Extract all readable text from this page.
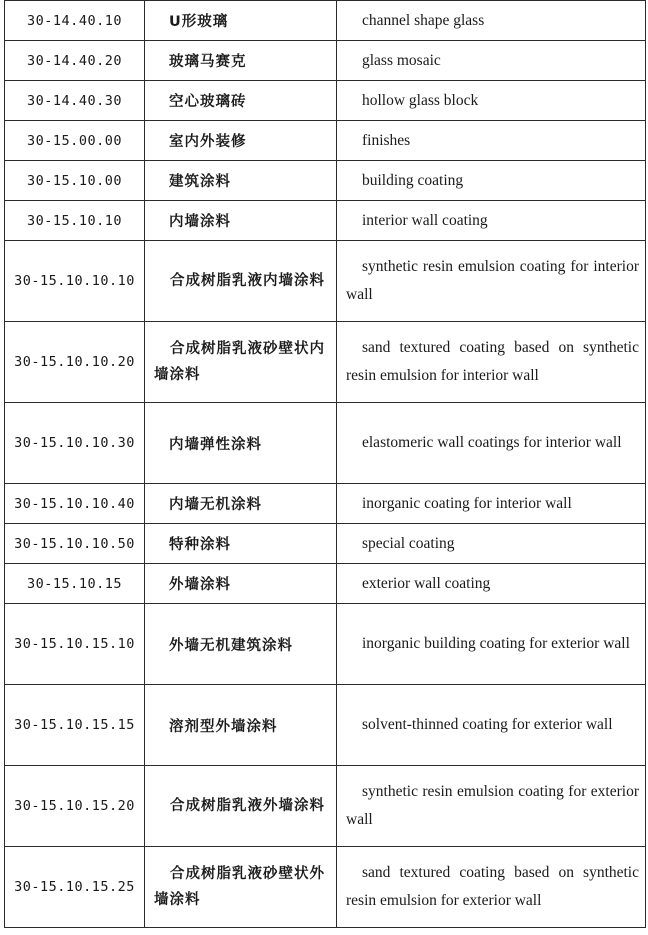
30-14.40.10	U形玻璃	channel shape glass
30-14.40.20	玻璃马赛克	glass mosaic
30-14.40.30	空心玻璃砖	hollow glass block
30-15.00.00	室内外装修	finishes
30-15.10.00	建筑涂料	building coating
30-15.10.10	内墙涂料	interior wall coating
30-15.10.10.10	合成树脂乳液内墙涂料	synthetic resin emulsion coating for interior wall
30-15.10.10.20	合成树脂乳液砂壁状内墙涂料	sand textured coating based on synthetic resin emulsion for interior wall
30-15.10.10.30	内墙弹性涂料	elastomeric wall coatings for interior wall
30-15.10.10.40	内墙无机涂料	inorganic coating for interior wall
30-15.10.10.50	特种涂料	special coating
30-15.10.15	外墙涂料	exterior wall coating
30-15.10.15.10	外墙无机建筑涂料	inorganic building coating for exterior wall
30-15.10.15.15	溶剂型外墙涂料	solvent-thinned coating for exterior wall
30-15.10.15.20	合成树脂乳液外墙涂料	synthetic resin emulsion coating for exterior wall
30-15.10.15.25	合成树脂乳液砂壁状外墙涂料	sand textured coating based on synthetic resin emulsion for exterior wall
